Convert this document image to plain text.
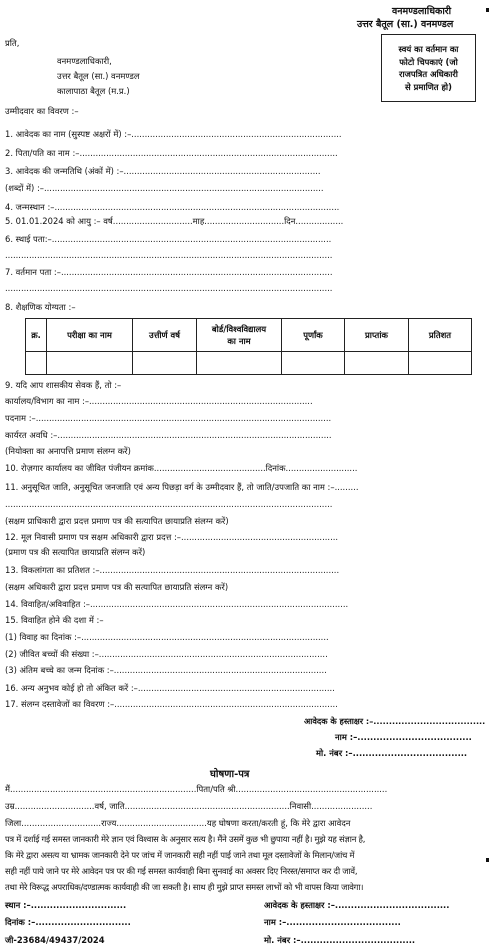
वनमण्डलाधिकारी
उत्तर बैतूल (सा.) वनमण्डल
स्वयं का वर्तमान का
फोटो चिपकाएं (जो
राजपत्रित अधिकारी
से प्रमाणित हो)
प्रति,
वनमण्डलाधिकारी,
उत्तर बैतूल (सा.) वनमण्डल
कालापाठा बैतूल (म.प्र.)
उम्मीदवार का विवरण :–
1. आवेदक का नाम (सुस्पष्ट अक्षरों में) :–...............................................................................
2. पिता/पति का नाम :–.................................................................................................
3. आवेदक की जन्मतिथि (अंकों में) :–..........................................................................
(शब्दों में) :–.........................................................................................................
4. जन्मस्थान :–...........................................................................................................
5. 01.01.2024 को आयु :– वर्ष..............................माह..............................दिन..................
6. स्थाई पता:–.........................................................................................................
...........................................................................................................................
7. वर्तमान पता :–......................................................................................................
...........................................................................................................................
8. शैक्षणिक योग्यता :–
क्र.	परीक्षा का नाम	उत्तीर्ण वर्ष	बोर्ड/विश्वविद्यालय
का नाम	पूर्णांक	प्राप्तांक	प्रतिशत

9. यदि आप शासकीय सेवक हैं, तो :–
कार्यालय/विभाग का नाम :–....................................................................................
पदनाम :–...............................................................................................................
कार्यरत अवधि :–.......................................................................................................
(नियोक्ता का अनापत्ति प्रमाण संलग्न करें)
10. रोज़गार कार्यालय का जीवित पंजीयन क्रमांक..........................................दिनांक...........................
11. अनुसूचित जाति, अनुसूचित जनजाति एवं अन्य पिछड़ा वर्ग के उम्मीदवार हैं, तो जाति/उपजाति का नाम :–.........
...........................................................................................................................
(सक्षम प्राधिकारी द्वारा प्रदत्त प्रमाण पत्र की सत्यापित छायाप्रति संलग्न करें)
12. मूल निवासी प्रमाण पत्र सक्षम अधिकारी द्वारा प्रदत्त :–...........................................................
(प्रमाण पत्र की सत्यापित छायाप्रति संलग्न करें)
13. विकलांगता का प्रतिशत :–..........................................................................................
(सक्षम अधिकारी द्वारा प्रदत्त प्रमाण पत्र की सत्यापित छायाप्रति संलग्न करें)
14. विवाहित/अविवाहित :–.................................................................................................
15. विवाहित होने की दशा में :–
(1) विवाह का दिनांक :–.............................................................................................
(2) जीवित बच्चों की संख्या :–......................................................................................
(3) अंतिम बच्चे का जन्म दिनांक :–................................................................................
16. अन्य अनुभव कोई हो तो अंकित करें :–..........................................................................
17. संलग्न दस्तावेजों का विवरण :–....................................................................................
आवेदक के हस्ताक्षर :–....................................
नाम :–....................................
मो. नंबर :–....................................
घोषणा-पत्र
मैं......................................................................पिता/पति श्री.........................................................
उम्र..............................वर्ष, जाति..............................................................निवासी.......................
जिला..............................राज्य..................................यह घोषणा करता/करती हूं, कि मेरे द्वारा आवेदन
पत्र में दर्शाई गई समस्त जानकारी मेरे ज्ञान एवं विश्वास के अनुसार सत्य है। मैंने उसमें कुछ भी छुपाया नहीं है। मुझे यह संज्ञान है,
कि मेरे द्वारा असत्य या भ्रामक जानकारी देने पर जांच में जानकारी सही नहीं पाई जाने तथा मूल दस्तावेजों के मिलान/जांच में
सही नहीं पाये जाने पर मेरे आवेदन पत्र पर की गई समस्त कार्यवाही बिना सुनवाई का अवसर दिए निरस्त/समाप्त कर दी जावें,
तथा मेरे विरूद्ध अपराधिक/दण्डात्मक कार्यवाही की जा सकती है। साथ ही मुझे प्राप्त समस्त लाभों को भी वापस किया जावेगा।
स्थान :–..............................
दिनांक :–..............................
आवेदक के हस्ताक्षर :–....................................
नाम :–....................................
मो. नंबर :–....................................
जी-23684/49437/2024
